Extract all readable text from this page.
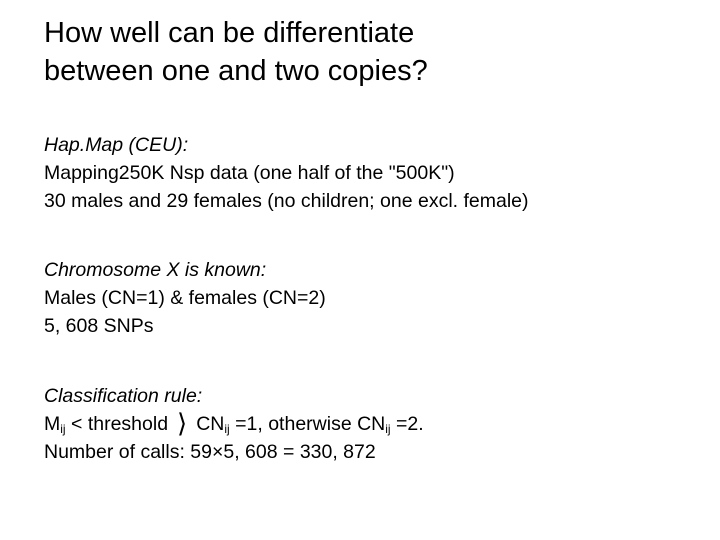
How well can be differentiate
between one and two copies?
Hap.Map (CEU):
Mapping250K Nsp data (one half of the "500K")
30 males and 29 females (no children; one excl. female)
Chromosome X is known:
Males (CN=1) & females (CN=2)
5, 608 SNPs
Classification rule:
$M_{ij}$ < threshold ⟩ $CN_{ij} =1$, otherwise $CN_{ij} =2$.
Number of calls: 59×5, 608 = 330, 872
